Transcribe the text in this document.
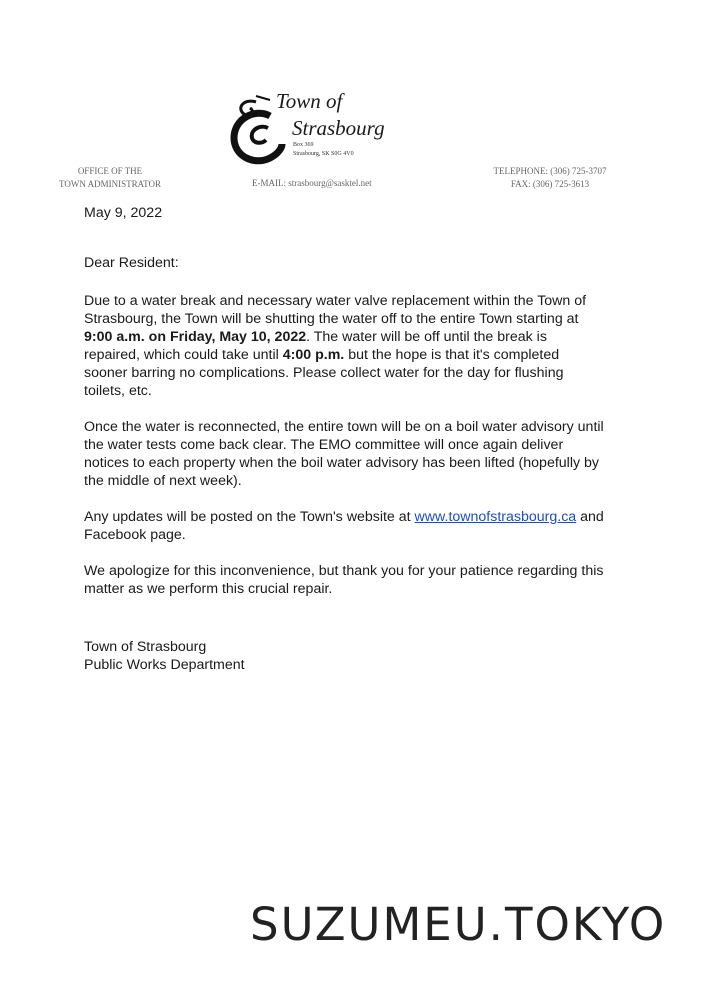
Town of
Strasbourg
Box 369
Strasbourg, SK S0G 4V0
OFFICE OF THE
TOWN ADMINISTRATOR	E-MAIL: strasbourg@sasktel.net
TELEPHONE: (306) 725-3707
FAX: (306) 725-3613

May 9, 2022

Dear Resident:

Due to a water break and necessary water valve replacement within the Town of Strasbourg, the Town will be shutting the water off to the entire Town starting at 9:00 a.m. on Friday, May 10, 2022. The water will be off until the break is repaired, which could take until 4:00 p.m. but the hope is that it's completed sooner barring no complications. Please collect water for the day for flushing toilets, etc.

Once the water is reconnected, the entire town will be on a boil water advisory until the water tests come back clear. The EMO committee will once again deliver notices to each property when the boil water advisory has been lifted (hopefully by the middle of next week).

Any updates will be posted on the Town's website at www.townofstrasbourg.ca and Facebook page.

We apologize for this inconvenience, but thank you for your patience regarding this matter as we perform this crucial repair.

Town of Strasbourg

Public Works Department

SUZUMEU.TOKYO
